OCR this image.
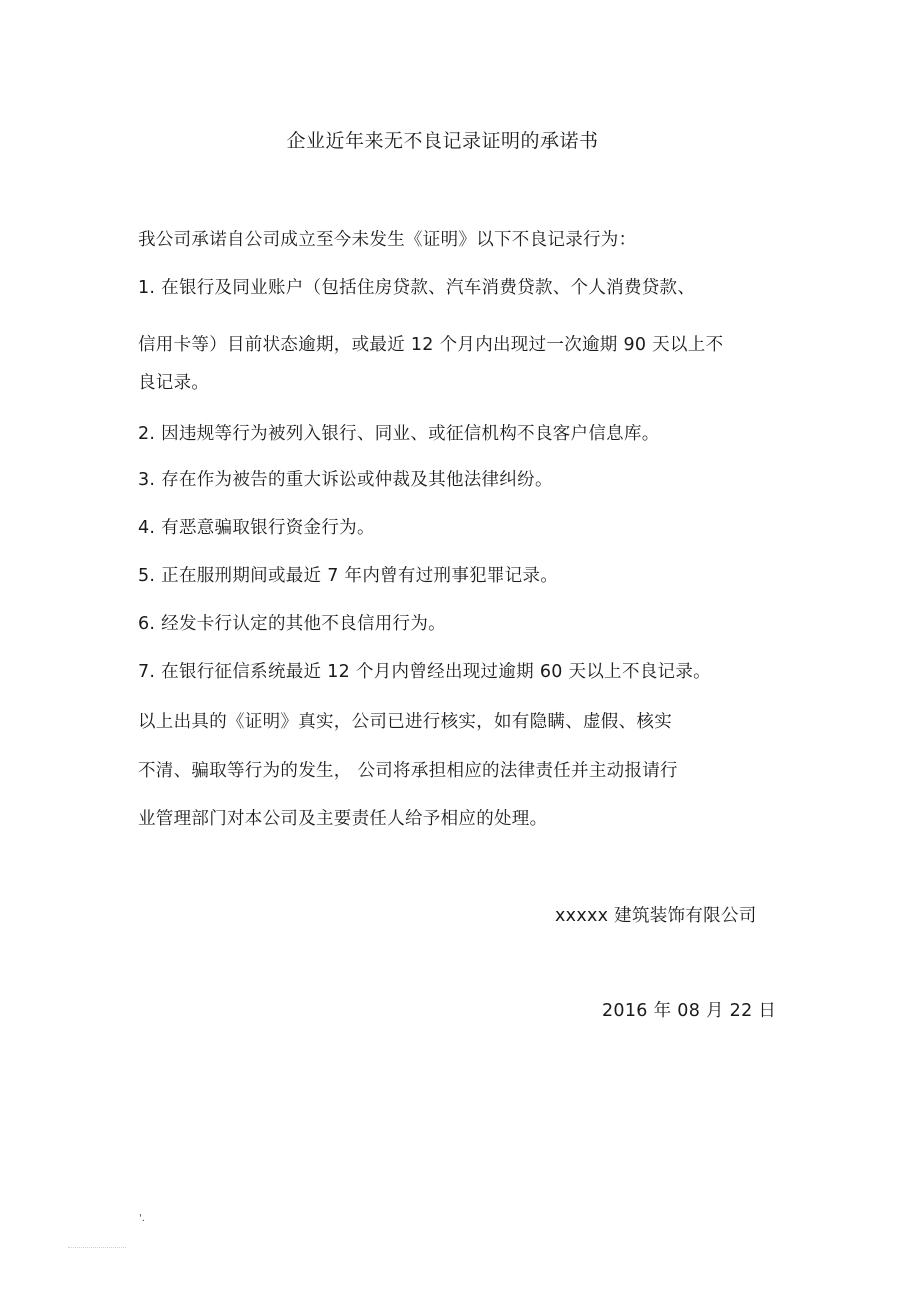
企业近年来无不良记录证明的承诺书
我公司承诺自公司成立至今未发生《证明》以下不良记录行为：
1. 在银行及同业账户（包括住房贷款、汽车消费贷款、个人消费贷款、
信用卡等）目前状态逾期，或最近 12 个月内出现过一次逾期 90 天以上不
良记录。
2. 因违规等行为被列入银行、同业、或征信机构不良客户信息库。
3. 存在作为被告的重大诉讼或仲裁及其他法律纠纷。
4. 有恶意骗取银行资金行为。
5. 正在服刑期间或最近 7 年内曾有过刑事犯罪记录。
6. 经发卡行认定的其他不良信用行为。
7. 在银行征信系统最近 12 个月内曾经出现过逾期 60 天以上不良记录。
以上出具的《证明》真实，公司已进行核实，如有隐瞒、虚假、核实
不清、骗取等行为的发生， 公司将承担相应的法律责任并主动报请行
业管理部门对本公司及主要责任人给予相应的处理。
xxxxx 建筑装饰有限公司
2016 年 08 月 22 日
'.
